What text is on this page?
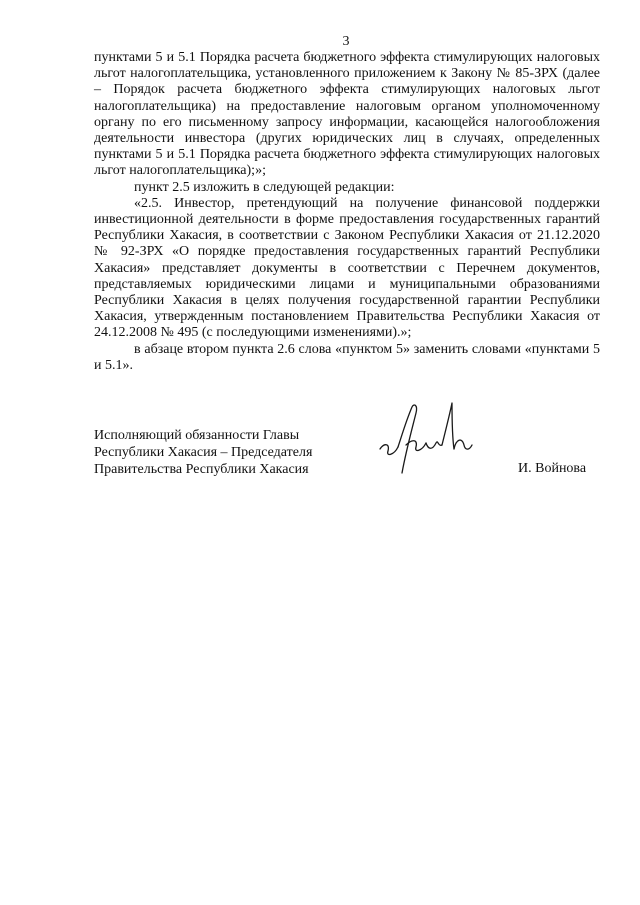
3

пунктами 5 и 5.1 Порядка расчета бюджетного эффекта стимулирующих налоговых льгот налогоплательщика, установленного приложением к Закону № 85-ЗРХ (далее – Порядок расчета бюджетного эффекта стимулирующих налоговых льгот налогоплательщика) на предоставление налоговым органом уполномоченному органу по его письменному запросу информации, касающейся налогообложения деятельности инвестора (других юридических лиц в случаях, определенных пунктами 5 и 5.1 Порядка расчета бюджетного эффекта стимулирующих налоговых льгот налогоплательщика);»;

пункт 2.5 изложить в следующей редакции:

«2.5. Инвестор, претендующий на получение финансовой поддержки инвестиционной деятельности в форме предоставления государственных гарантий Республики Хакасия, в соответствии с Законом Республики Хакасия от 21.12.2020 № 92-ЗРХ «О порядке предоставления государственных гарантий Республики Хакасия» представляет документы в соответствии с Перечнем документов, представляемых юридическими лицами и муниципальными образованиями Республики Хакасия в целях получения государственной гарантии Республики Хакасия, утвержденным постановлением Правительства Республики Хакасия от 24.12.2008 № 495 (с последующими изменениями).»;

в абзаце втором пункта 2.6 слова «пунктом 5» заменить словами «пунктами 5 и 5.1».

Исполняющий обязанности Главы
Республики Хакасия – Председателя
Правительства Республики Хакасия	И. Войнова
